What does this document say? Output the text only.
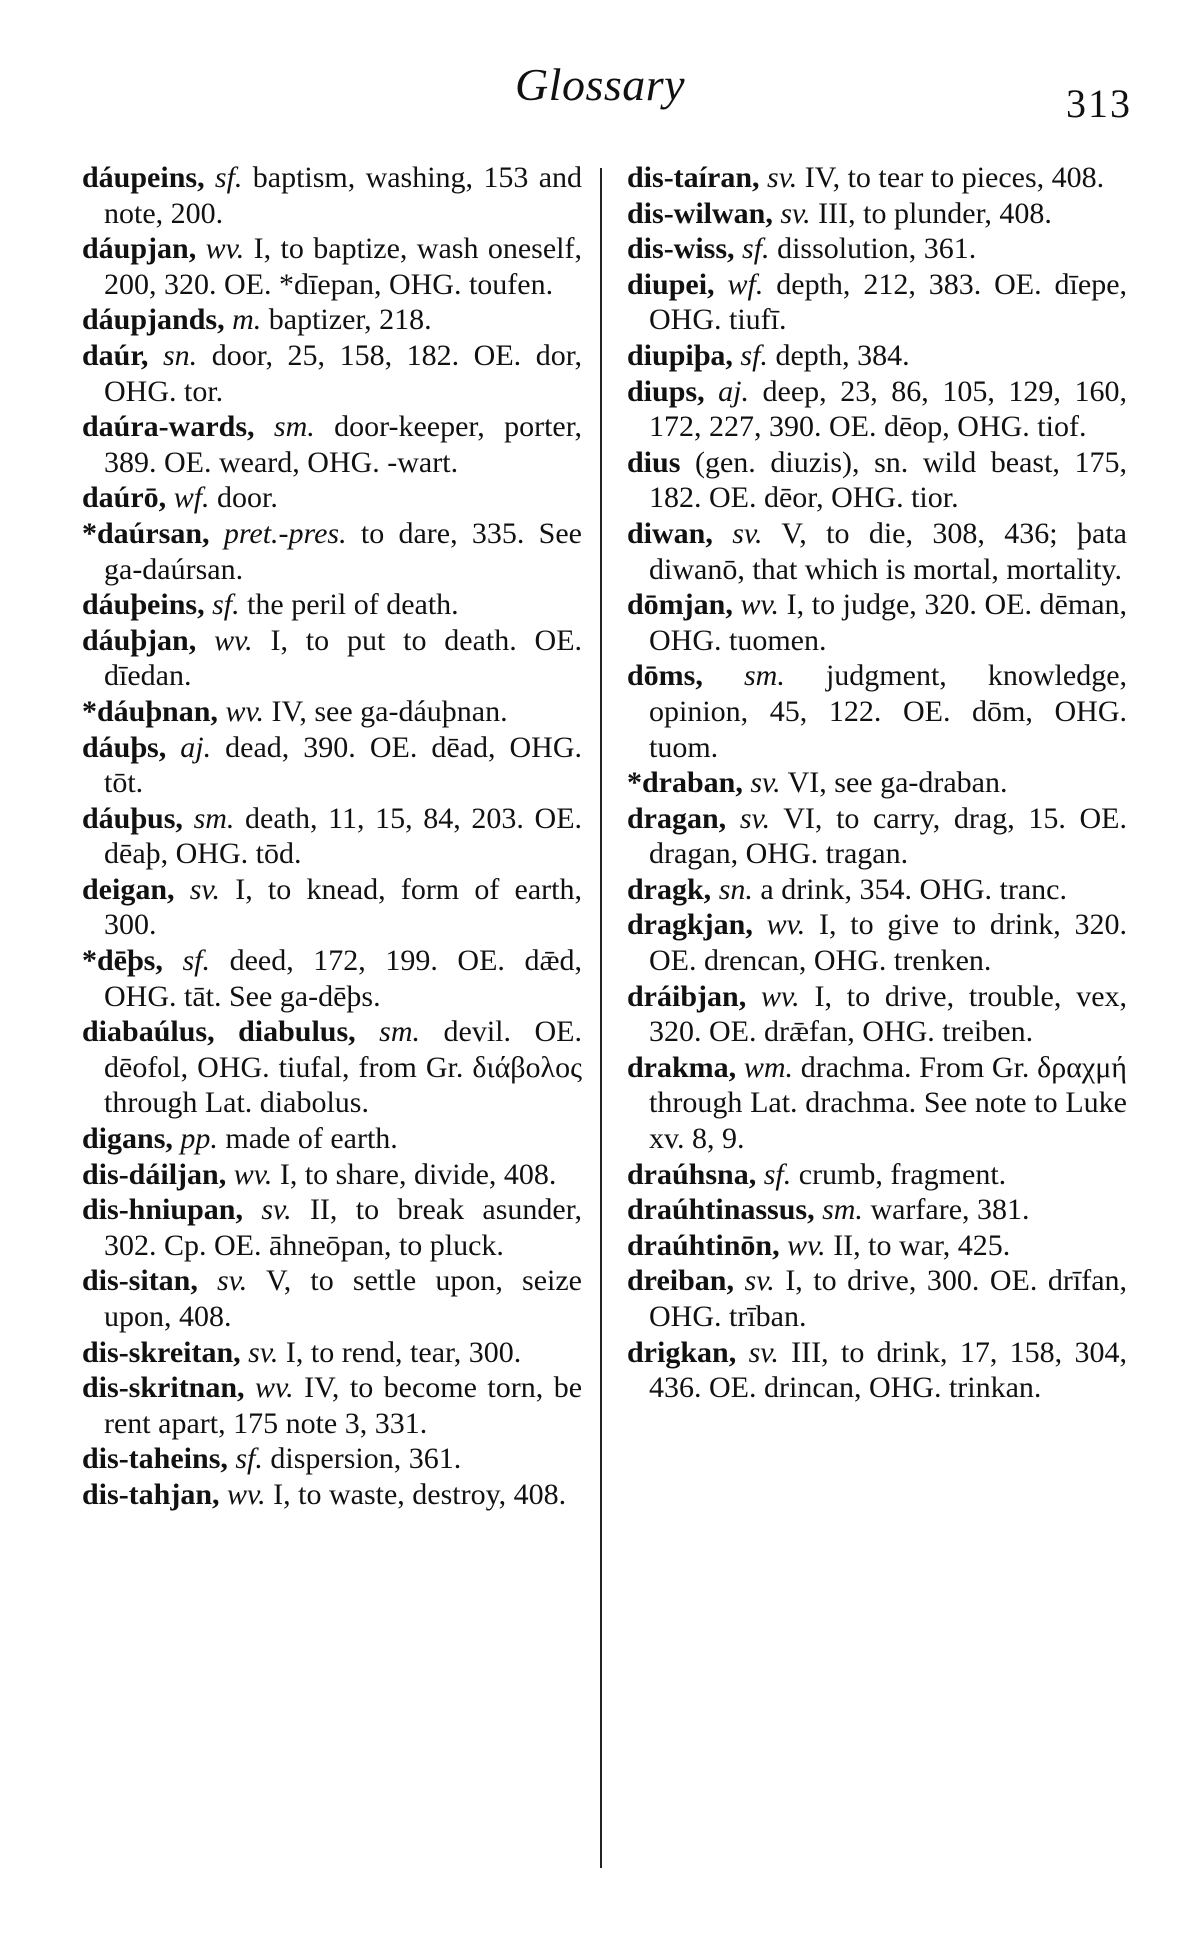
Glossary	313

dáupeins, sf. baptism, washing, 153 and note, 200.

dáupjan, wv. I, to baptize, wash oneself, 200, 320. OE. *dīepan, OHG. toufen.

dáupjands, m. baptizer, 218.

daúr, sn. door, 25, 158, 182. OE. dor, OHG. tor.

daúra-wards, sm. door-keeper, porter, 389. OE. weard, OHG. -wart.

daúrō, wf. door.

*daúrsan, pret.-pres. to dare, 335. See ga-daúrsan.

dáuþeins, sf. the peril of death.

dáuþjan, wv. I, to put to death. OE. dīedan.

*dáuþnan, wv. IV, see ga-dáuþnan.

dáuþs, aj. dead, 390. OE. dēad, OHG. tōt.

dáuþus, sm. death, 11, 15, 84, 203. OE. dēaþ, OHG. tōd.

deigan, sv. I, to knead, form of earth, 300.

*dēþs, sf. deed, 172, 199. OE. dǣd, OHG. tāt. See ga-dēþs.

diabaúlus, diabulus, sm. devil. OE. dēofol, OHG. tiufal, from Gr. διάβολος through Lat. diabolus.

digans, pp. made of earth.

dis-dáiljan, wv. I, to share, divide, 408.

dis-hniupan, sv. II, to break asunder, 302. Cp. OE. āhneōpan, to pluck.

dis-sitan, sv. V, to settle upon, seize upon, 408.

dis-skreitan, sv. I, to rend, tear, 300.

dis-skritnan, wv. IV, to become torn, be rent apart, 175 note 3, 331.

dis-taheins, sf. dispersion, 361.

dis-tahjan, wv. I, to waste, destroy, 408.

dis-taíran, sv. IV, to tear to pieces, 408.

dis-wilwan, sv. III, to plunder, 408.

dis-wiss, sf. dissolution, 361.

diupei, wf. depth, 212, 383. OE. dīepe, OHG. tiufī.

diupiþa, sf. depth, 384.

diups, aj. deep, 23, 86, 105, 129, 160, 172, 227, 390. OE. dēop, OHG. tiof.

dius (gen. diuzis), sn. wild beast, 175, 182. OE. dēor, OHG. tior.

diwan, sv. V, to die, 308, 436; þata diwanō, that which is mortal, mortality.

dōmjan, wv. I, to judge, 320. OE. dēman, OHG. tuomen.

dōms, sm. judgment, knowledge, opinion, 45, 122. OE. dōm, OHG. tuom.

*draban, sv. VI, see ga-draban.

dragan, sv. VI, to carry, drag, 15. OE. dragan, OHG. tragan.

dragk, sn. a drink, 354. OHG. tranc.

dragkjan, wv. I, to give to drink, 320. OE. drencan, OHG. trenken.

dráibjan, wv. I, to drive, trouble, vex, 320. OE. drǣfan, OHG. treiben.

drakma, wm. drachma. From Gr. δραχμή through Lat. drachma. See note to Luke xv. 8, 9.

draúhsna, sf. crumb, fragment.

draúhtinassus, sm. warfare, 381.

draúhtinōn, wv. II, to war, 425.

dreiban, sv. I, to drive, 300. OE. drīfan, OHG. trīban.

drigkan, sv. III, to drink, 17, 158, 304, 436. OE. drincan, OHG. trinkan.
